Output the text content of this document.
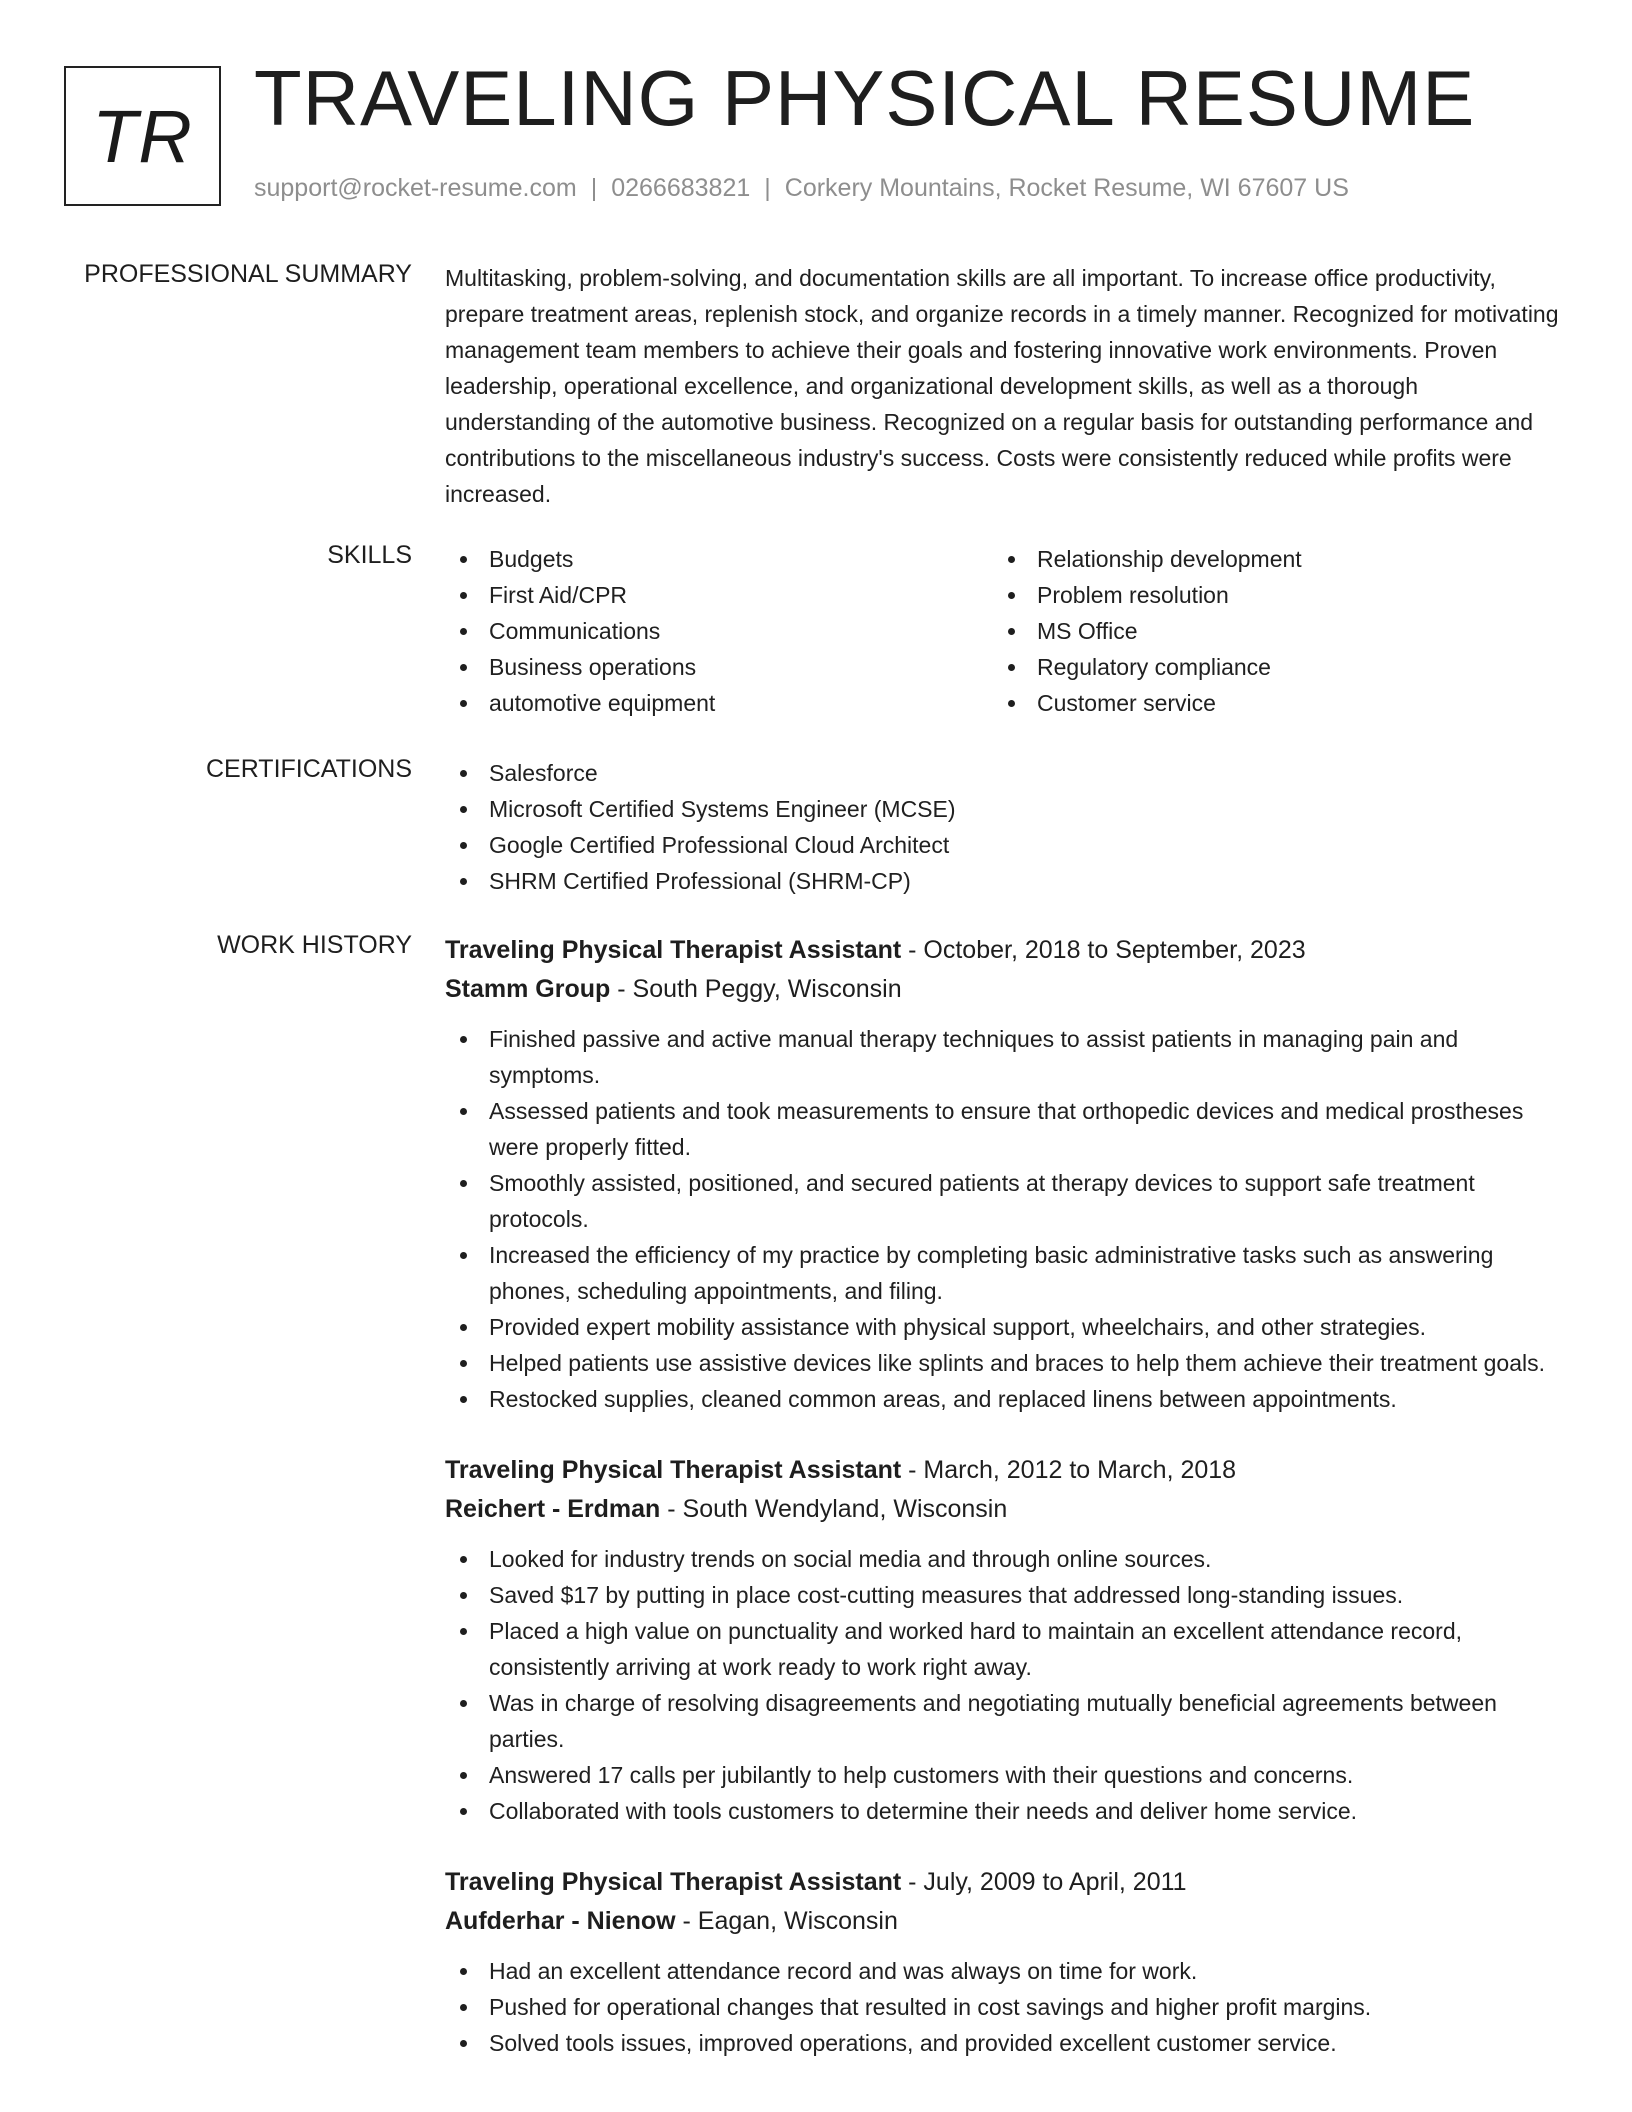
TR TRAVELING PHYSICAL RESUME
support@rocket-resume.com | 0266683821 | Corkery Mountains, Rocket Resume, WI 67607 US
PROFESSIONAL SUMMARY Multitasking, problem-solving, and documentation skills are all important. To increase office productivity, prepare treatment areas, replenish stock, and organize records in a timely manner. Recognized for motivating management team members to achieve their goals and fostering innovative work environments. Proven leadership, operational excellence, and organizational development skills, as well as a thorough understanding of the automotive business. Recognized on a regular basis for outstanding performance and contributions to the miscellaneous industry's success. Costs were consistently reduced while profits were increased.

SKILLS	Budgets
First Aid/CPR
Communications
Business operations
automotive equipment
Relationship development
Problem resolution
MS Office
Regulatory compliance
Customer service
CERTIFICATIONS	Salesforce
Microsoft Certified Systems Engineer (MCSE)
Google Certified Professional Cloud Architect
SHRM Certified Professional (SHRM-CP)
WORK HISTORY Traveling Physical Therapist Assistant - October, 2018 to September, 2023
Stamm Group - South Peggy, Wisconsin
Finished passive and active manual therapy techniques to assist patients in managing pain and symptoms.
Assessed patients and took measurements to ensure that orthopedic devices and medical prostheses were properly fitted.
Smoothly assisted, positioned, and secured patients at therapy devices to support safe treatment protocols.
Increased the efficiency of my practice by completing basic administrative tasks such as answering phones, scheduling appointments, and filing.
Provided expert mobility assistance with physical support, wheelchairs, and other strategies.
Helped patients use assistive devices like splints and braces to help them achieve their treatment goals.
Restocked supplies, cleaned common areas, and replaced linens between appointments.
Traveling Physical Therapist Assistant - March, 2012 to March, 2018
Reichert - Erdman - South Wendyland, Wisconsin
Looked for industry trends on social media and through online sources.
Saved $17 by putting in place cost-cutting measures that addressed long-standing issues.
Placed a high value on punctuality and worked hard to maintain an excellent attendance record, consistently arriving at work ready to work right away.
Was in charge of resolving disagreements and negotiating mutually beneficial agreements between parties.
Answered 17 calls per jubilantly to help customers with their questions and concerns.
Collaborated with tools customers to determine their needs and deliver home service.
Traveling Physical Therapist Assistant - July, 2009 to April, 2011
Aufderhar - Nienow - Eagan, Wisconsin
Had an excellent attendance record and was always on time for work.
Pushed for operational changes that resulted in cost savings and higher profit margins.
Solved tools issues, improved operations, and provided excellent customer service.
